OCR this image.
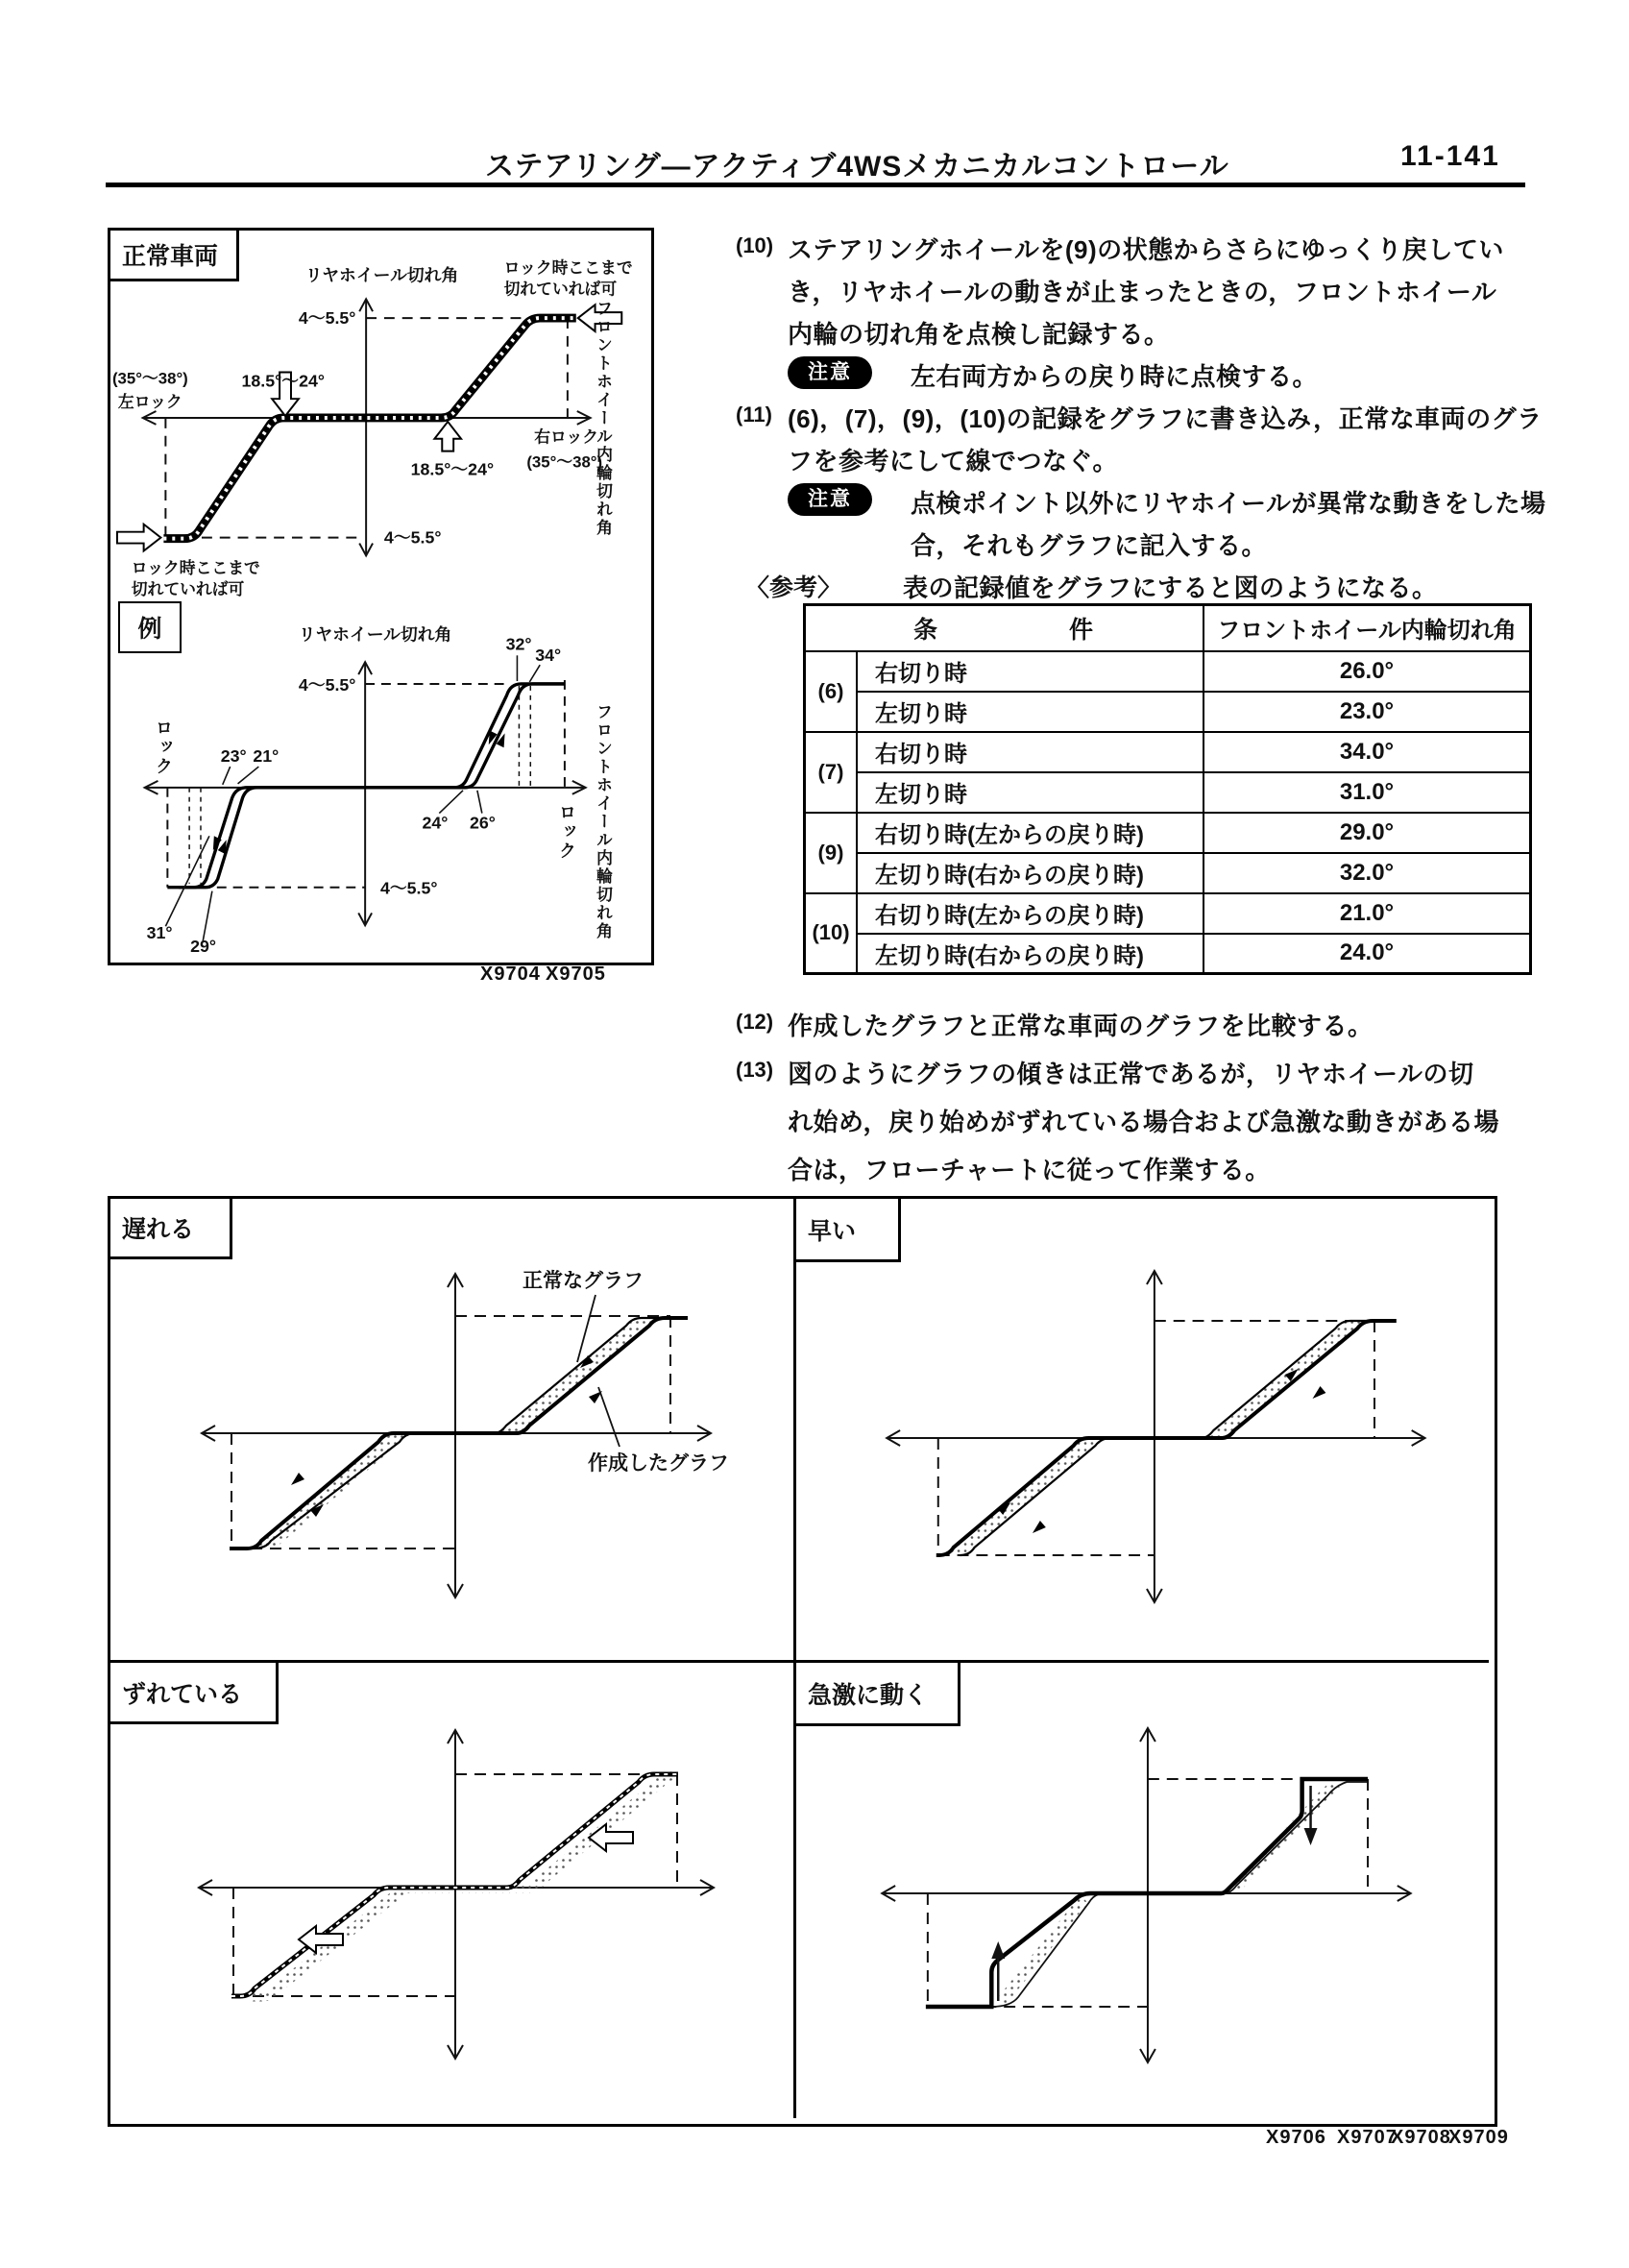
ステアリング―アクティブ4WSメカニカルコントロール	11-141
リヤホイール切れ角	ロック時ここまで
切れていれば可
4〜5.5°
18.5°〜24°
(35°〜38°)
左ロック
右ロック
(35°〜38°)
18.5°〜24°
4〜5.5°
ロック時ここまで
切れていれば可
リヤホイール切れ角	32°
34°
4〜5.5°
23° 21°
24° 26°
4〜5.5°
31°
29°
正常車両
例
フロントホイール内輪切れ角
フロントホイール内輪切れ角
ロック
ロック
X9704 X9705
(10) ステアリングホイールを(9)の状態からさらにゆっくり戻してい
き，リヤホイールの動きが止まったときの，フロントホイール
内輪の切れ角を点検し記録する。
注意	左右両方からの戻り時に点検する。
(11) (6)，(7)，(9)，(10)の記録をグラフに書き込み，正常な車両のグラ
フを参考にして線でつなぐ。
注意	点検ポイント以外にリヤホイールが異常な動きをした場
合，それもグラフに記入する。
〈参考〉 表の記録値をグラフにすると図のようになる。
条　　　　　件		フロントホイール内輪切れ角
(6)	右切り時	26.0°
	左切り時	23.0°
(7)	右切り時	34.0°
	左切り時	31.0°
(9)	右切り時(左からの戻り時)	29.0°
	左切り時(右からの戻り時)	32.0°
(10)	右切り時(左からの戻り時)	21.0°
	左切り時(右からの戻り時)	24.0°
(12) 作成したグラフと正常な車両のグラフを比較する。
(13) 図のようにグラフの傾きは正常であるが，リヤホイールの切
れ始め，戻り始めがずれている場合および急激な動きがある場
合は，フローチャートに従って作業する。
正常なグラフ
作成したグラフ
遅れる	早い
ずれている	急激に動く
X9706 X9707
X9708
X9709
